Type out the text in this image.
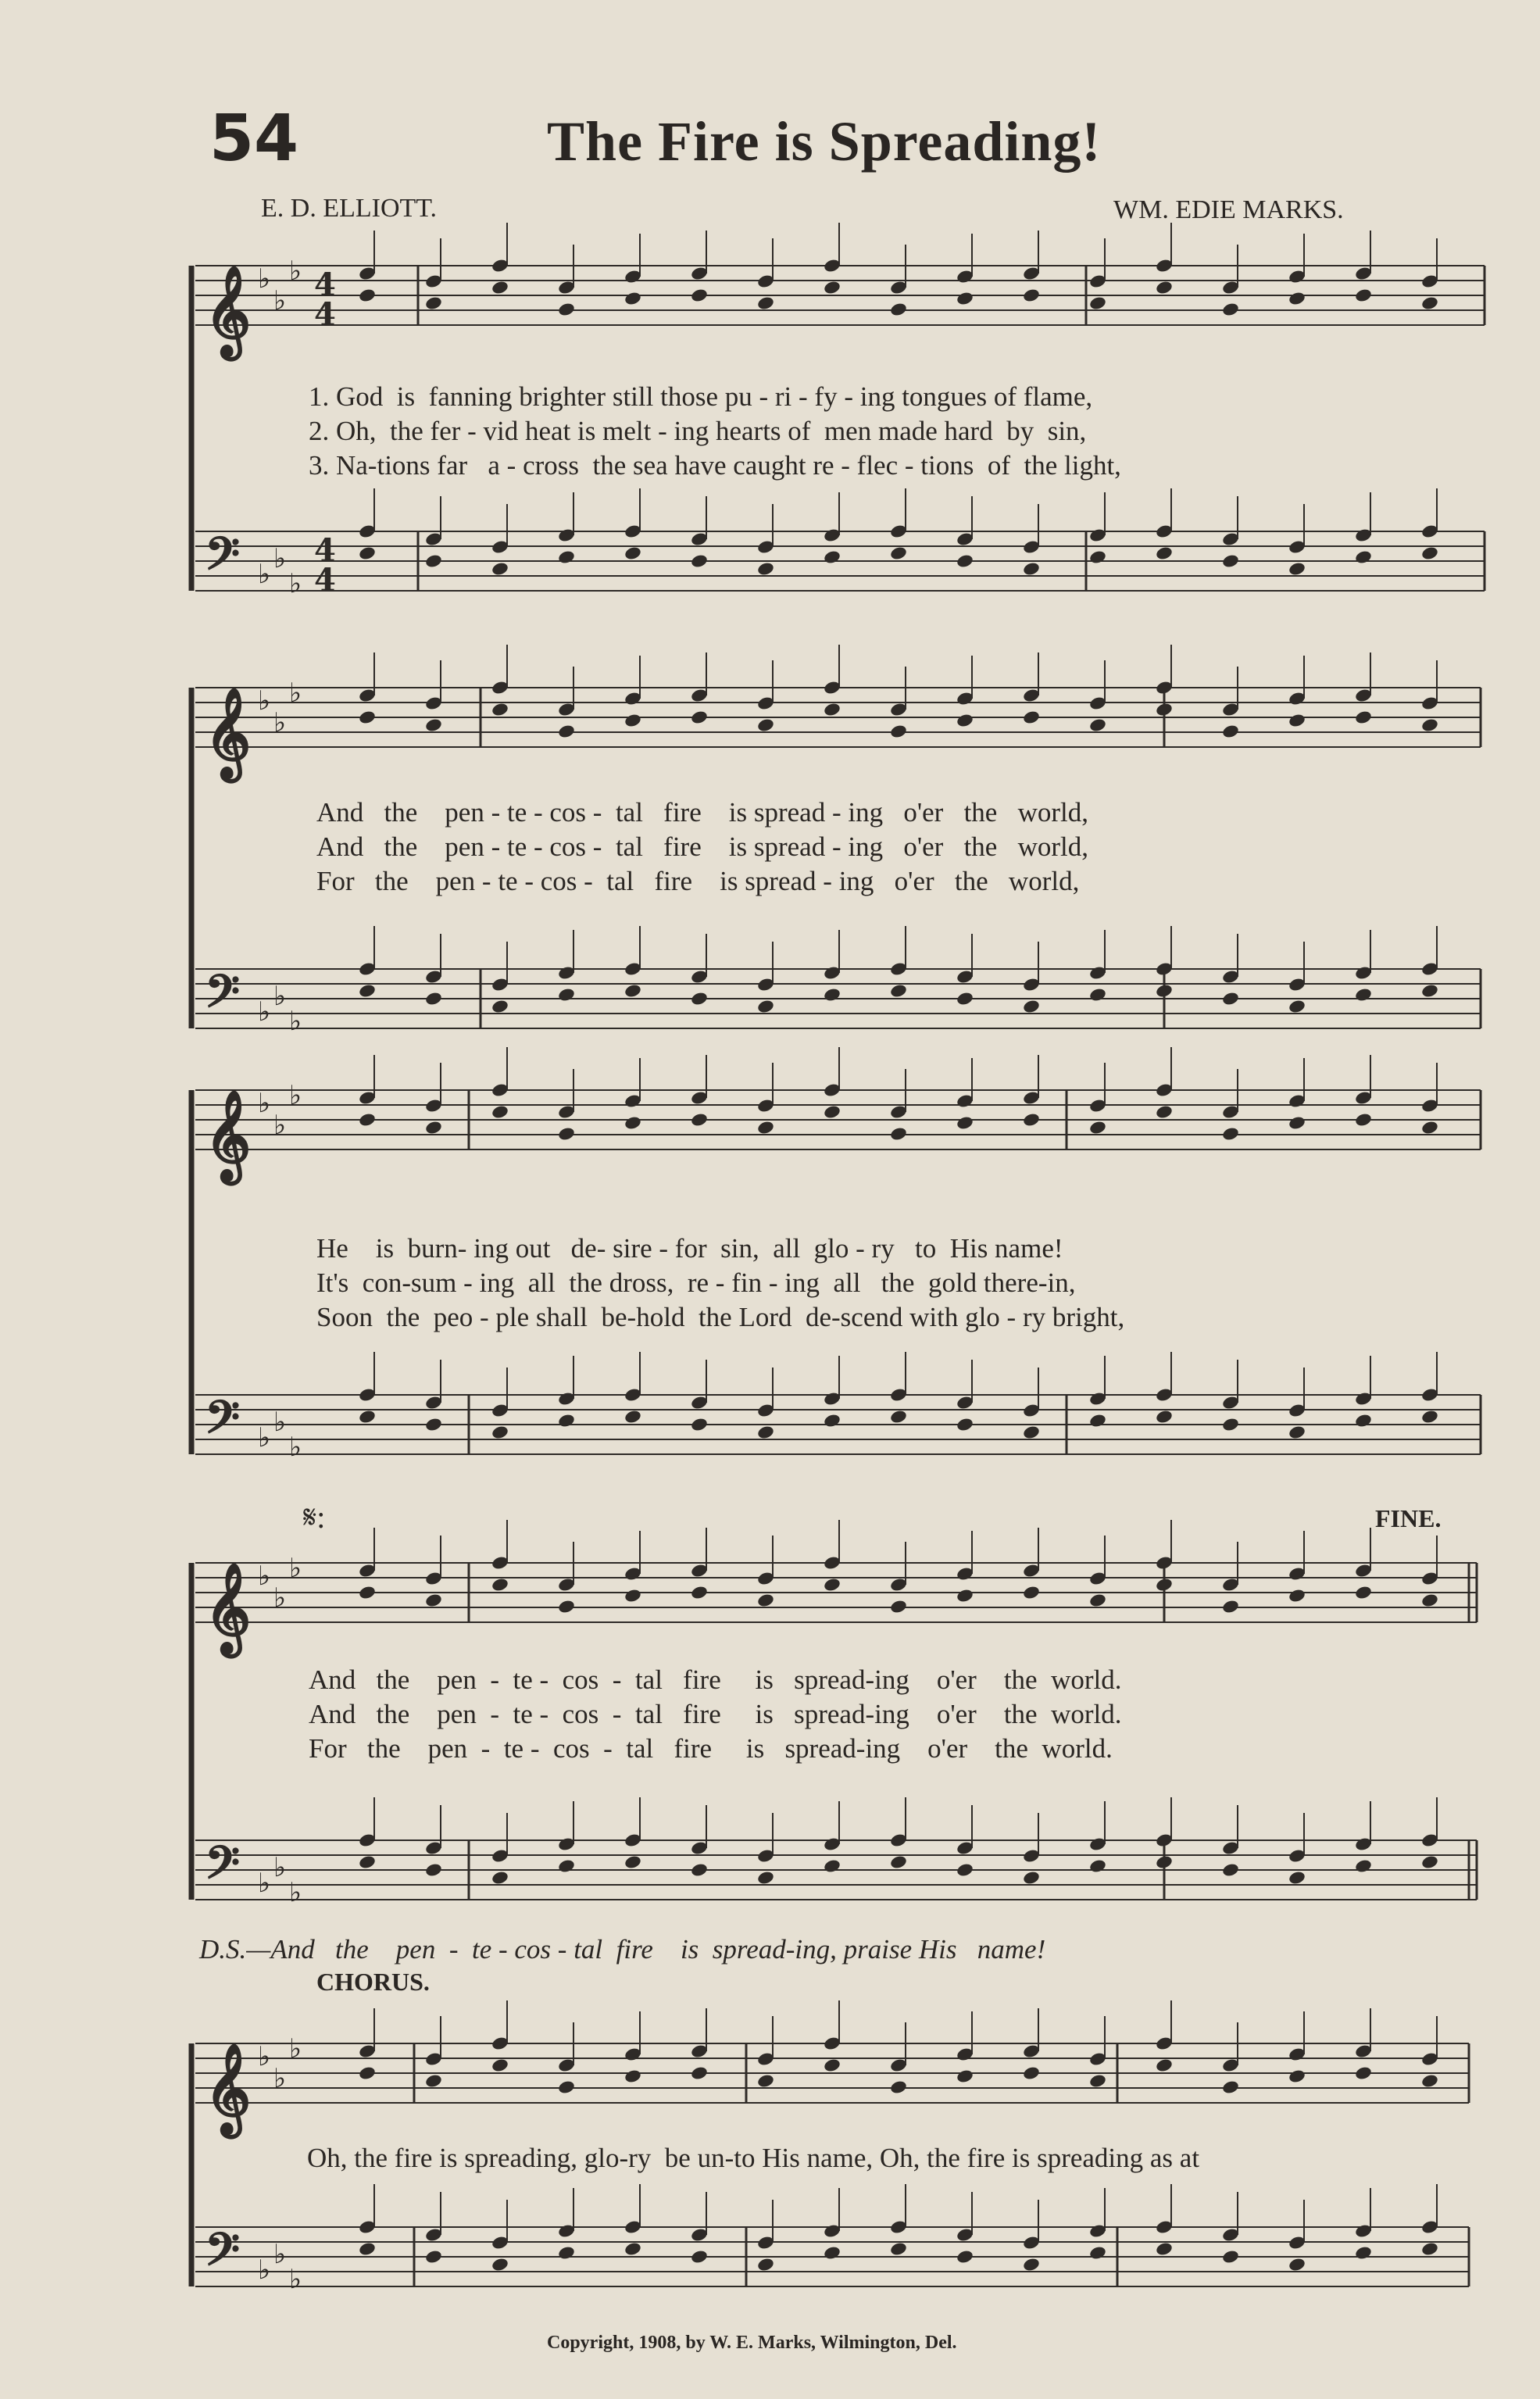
54	The Fire is Spreading!
E. D. ELLIOTT.	WM. EDIE MARKS.
𝄞 ♭
♭
♭ 4
4
𝄢 ♭ ♭
♭
4
4
𝄞 ♭
♭
♭
𝄢 ♭ ♭
♭
𝄞 ♭
♭
♭
𝄢 ♭ ♭
♭
𝄞 ♭
♭
♭
𝄢 ♭ ♭
♭
𝄞 ♭
♭
♭
𝄢 ♭ ♭
♭
1. God  is  fanning brighter still those pu - ri - fy - ing tongues of flame,
2. Oh,  the fer - vid heat is melt - ing hearts of  men made hard  by  sin,
3. Na-tions far   a - cross  the sea have caught re - flec - tions  of  the light,
And   the    pen - te - cos -  tal   fire    is spread - ing   o'er   the   world,
And   the    pen - te - cos -  tal   fire    is spread - ing   o'er   the   world,
For   the    pen - te - cos -  tal   fire    is spread - ing   o'er   the   world,
He    is  burn- ing out   de- sire - for  sin,  all  glo - ry   to  His name!
It's  con-sum - ing  all  the dross,  re - fin - ing  all   the  gold there-in,
Soon  the  peo - ple shall  be-hold  the Lord  de-scend with glo - ry bright,
𝄋:	FINE.
And   the    pen  -  te -  cos  -  tal   fire     is   spread-ing    o'er    the  world.
And   the    pen  -  te -  cos  -  tal   fire     is   spread-ing    o'er    the  world.
For   the    pen  -  te -  cos  -  tal   fire     is   spread-ing    o'er    the  world.
D.S.—And   the    pen  -  te - cos - tal  fire    is  spread-ing, praise His   name!
CHORUS.
Oh, the fire is spreading, glo-ry  be un-to His name, Oh, the fire is spreading as at
Copyright, 1908, by W. E. Marks, Wilmington, Del.
